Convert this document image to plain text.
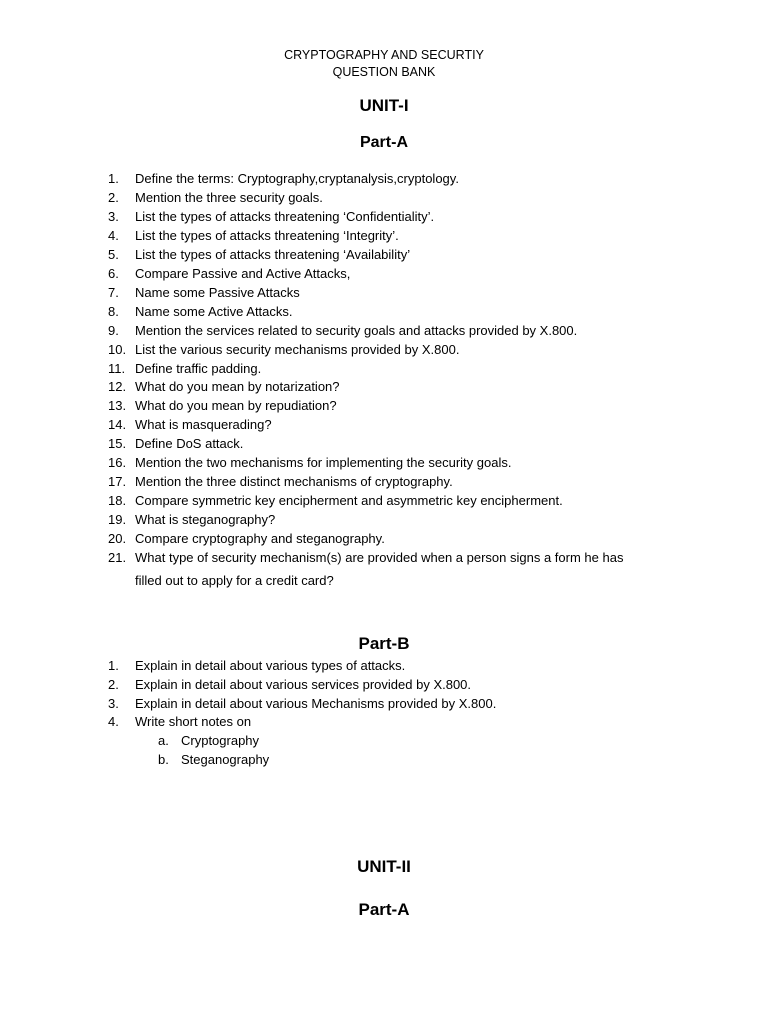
CRYPTOGRAPHY AND SECURTIY
QUESTION BANK
UNIT-I
Part-A
1. Define the terms: Cryptography,cryptanalysis,cryptology.
2. Mention the three security goals.
3. List the types of attacks threatening ‘Confidentiality’.
4. List the types of attacks threatening ‘Integrity’.
5. List the types of attacks threatening ‘Availability’
6. Compare Passive and Active Attacks,
7. Name some Passive Attacks
8. Name some Active Attacks.
9. Mention the services related to security goals and attacks provided by X.800.
10. List the various security mechanisms provided by X.800.
11. Define traffic padding.
12. What do you mean by notarization?
13. What do you mean by repudiation?
14. What is masquerading?
15. Define DoS attack.
16. Mention the two mechanisms for implementing the security goals.
17. Mention the three distinct mechanisms of cryptography.
18. Compare symmetric key encipherment and asymmetric key encipherment.
19. What is steganography?
20. Compare cryptography and steganography.
21. What type of security mechanism(s) are provided when a person signs a form he has
filled out to apply for a credit card?
Part-B
1. Explain in detail about various types of attacks.
2. Explain in detail about various services provided by X.800.
3. Explain in detail about various Mechanisms provided by X.800.
4. Write short notes on
a. Cryptography
b. Steganography
UNIT-II
Part-A
